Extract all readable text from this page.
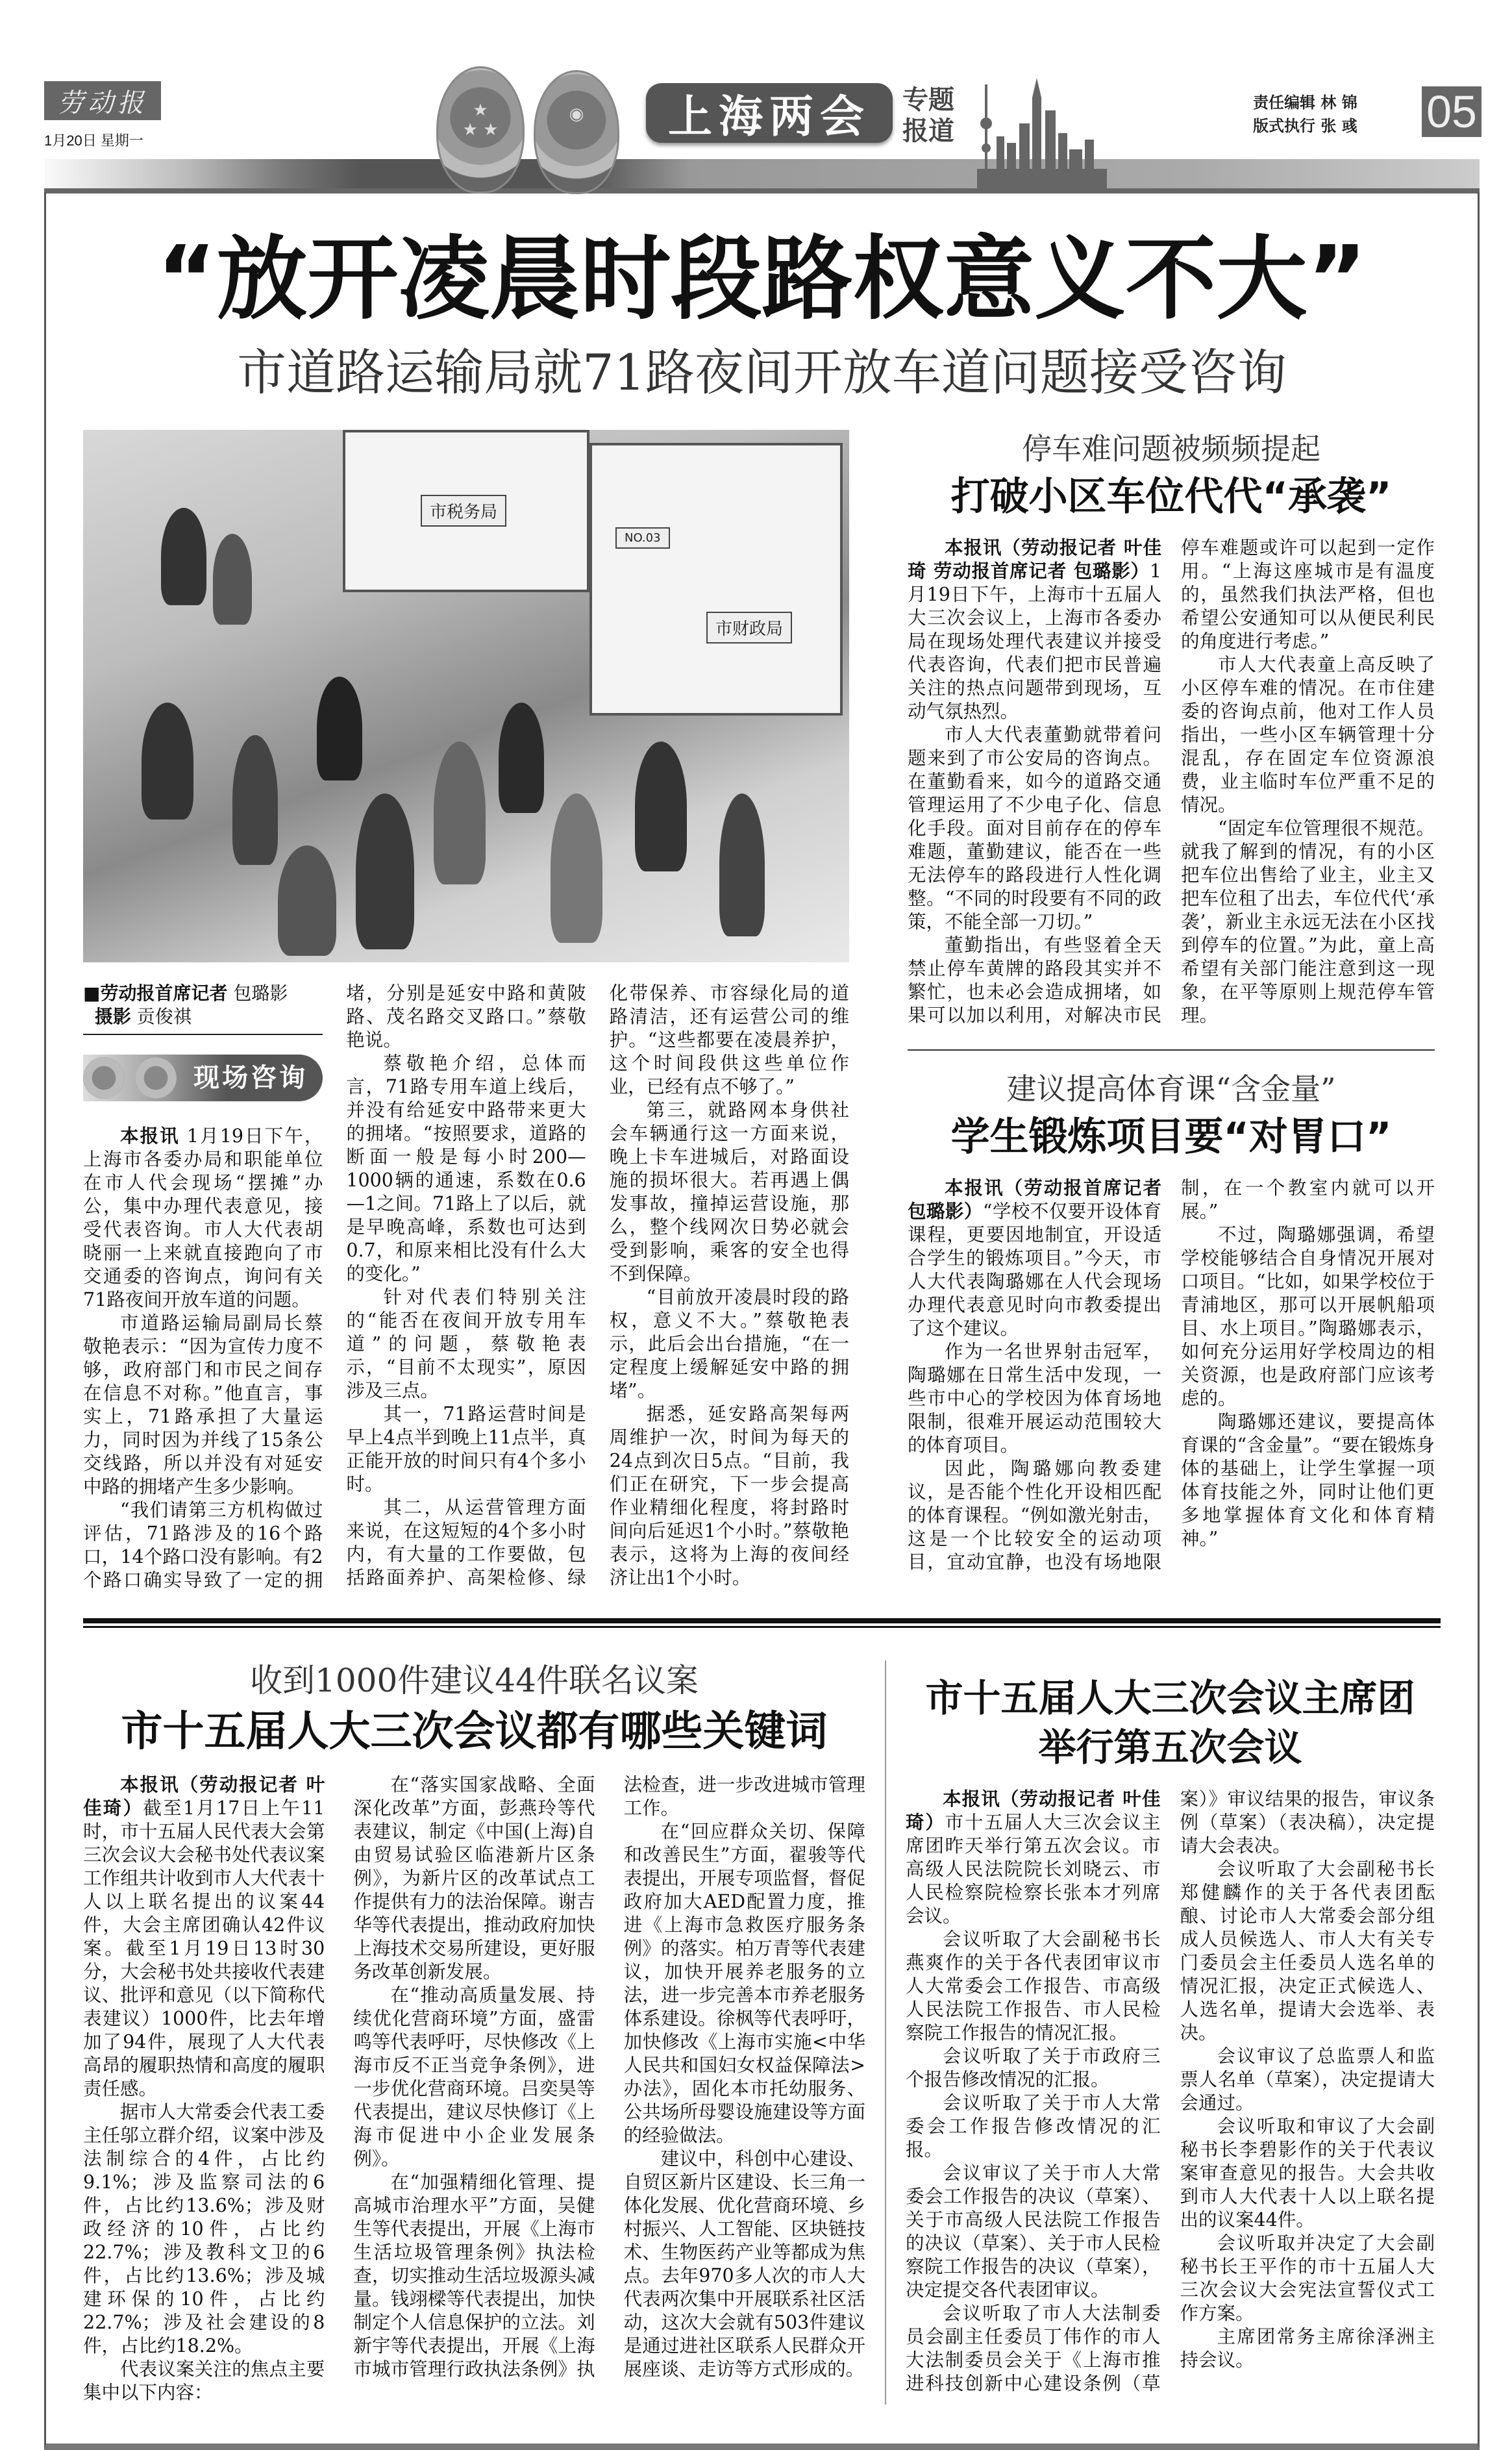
劳动报
1月20日 星期一
★
★ ★
◉	上海两会	专题报道
责任编辑 林 锦
版式执行 张 彧	05
“放开凌晨时段路权意义不大”
市道路运输局就71路夜间开放车道问题接受咨询
市税务局
市财政局
NO.03
■劳动报首席记者 包璐影
摄影 贡俊祺
现场咨询

本报讯 1月19日下午，上海市各委办局和职能单位在市人代会现场“摆摊”办公，集中办理代表意见，接受代表咨询。市人大代表胡晓丽一上来就直接跑向了市交通委的咨询点，询问有关71路夜间开放车道的问题。

市道路运输局副局长蔡敬艳表示：“因为宣传力度不够，政府部门和市民之间存在信息不对称。”他直言，事实上，71路承担了大量运力，同时因为并线了15条公交线路，所以并没有对延安中路的拥堵产生多少影响。

“我们请第三方机构做过评估，71路涉及的16个路口，14个路口没有影响。有2个路口确实导致了一定的拥堵，分别是延安中路和黄陂路、茂名路交叉路口。”蔡敬艳说。

蔡敬艳介绍，总体而言，71路专用车道上线后，并没有给延安中路带来更大的拥堵。“按照要求，道路的断面一般是每小时200—1000辆的通速，系数在0.6—1之间。71路上了以后，就是早晚高峰，系数也可达到0.7，和原来相比没有什么大的变化。”

针对代表们特别关注的“能否在夜间开放专用车道”的问题，蔡敬艳表示，“目前不太现实”，原因涉及三点。

其一，71路运营时间是早上4点半到晚上11点半，真正能开放的时间只有4个多小时。

其二，从运营管理方面来说，在这短短的4个多小时内，有大量的工作要做，包括路面养护、高架检修、绿化带保养、市容绿化局的道路清洁，还有运营公司的维护。“这些都要在凌晨养护，这个时间段供这些单位作业，已经有点不够了。”

第三，就路网本身供社会车辆通行这一方面来说，晚上卡车进城后，对路面设施的损坏很大。若再遇上偶发事故，撞掉运营设施，那么，整个线网次日势必就会受到影响，乘客的安全也得不到保障。

“目前放开凌晨时段的路权，意义不大。”蔡敬艳表示，此后会出台措施，“在一定程度上缓解延安中路的拥堵”。

据悉，延安路高架每两周维护一次，时间为每天的24点到次日5点。“目前，我们正在研究，下一步会提高作业精细化程度，将封路时间向后延迟1个小时。”蔡敬艳表示，这将为上海的夜间经济让出1个小时。

停车难问题被频频提起
打破小区车位代代“承袭”

本报讯（劳动报记者 叶佳琦 劳动报首席记者 包璐影）1月19日下午，上海市十五届人大三次会议上，上海市各委办局在现场处理代表建议并接受代表咨询，代表们把市民普遍关注的热点问题带到现场，互动气氛热烈。

市人大代表董勤就带着问题来到了市公安局的咨询点。在董勤看来，如今的道路交通管理运用了不少电子化、信息化手段。面对目前存在的停车难题，董勤建议，能否在一些无法停车的路段进行人性化调整。“不同的时段要有不同的政策，不能全部一刀切。”

董勤指出，有些竖着全天禁止停车黄牌的路段其实并不繁忙，也未必会造成拥堵，如果可以加以利用，对解决市民停车难题或许可以起到一定作用。“上海这座城市是有温度的，虽然我们执法严格，但也希望公安通知可以从便民利民的角度进行考虑。”

市人大代表童上高反映了小区停车难的情况。在市住建委的咨询点前，他对工作人员指出，一些小区车辆管理十分混乱，存在固定车位资源浪费，业主临时车位严重不足的情况。

“固定车位管理很不规范。就我了解到的情况，有的小区把车位出售给了业主，业主又把车位租了出去，车位代代‘承袭’，新业主永远无法在小区找到停车的位置。”为此，童上高希望有关部门能注意到这一现象，在平等原则上规范停车管理。

建议提高体育课“含金量”
学生锻炼项目要“对胃口”

本报讯（劳动报首席记者 包璐影）“学校不仅要开设体育课程，更要因地制宜，开设适合学生的锻炼项目。”今天，市人大代表陶璐娜在人代会现场办理代表意见时向市教委提出了这个建议。

作为一名世界射击冠军，陶璐娜在日常生活中发现，一些市中心的学校因为体育场地限制，很难开展运动范围较大的体育项目。

因此，陶璐娜向教委建议，是否能个性化开设相匹配的体育课程。“例如激光射击，这是一个比较安全的运动项目，宜动宜静，也没有场地限制，在一个教室内就可以开展。”

不过，陶璐娜强调，希望学校能够结合自身情况开展对口项目。“比如，如果学校位于青浦地区，那可以开展帆船项目、水上项目。”陶璐娜表示，如何充分运用好学校周边的相关资源，也是政府部门应该考虑的。

陶璐娜还建议，要提高体育课的“含金量”。“要在锻炼身体的基础上，让学生掌握一项体育技能之外，同时让他们更多地掌握体育文化和体育精神。”

收到1000件建议44件联名议案
市十五届人大三次会议都有哪些关键词

本报讯（劳动报记者 叶佳琦）截至1月17日上午11时，市十五届人民代表大会第三次会议大会秘书处代表议案工作组共计收到市人大代表十人以上联名提出的议案44件，大会主席团确认42件议案。截至1月19日13时30分，大会秘书处共接收代表建议、批评和意见（以下简称代表建议）1000件，比去年增加了94件，展现了人大代表高昂的履职热情和高度的履职责任感。

据市人大常委会代表工委主任邬立群介绍，议案中涉及法制综合的4件，占比约9.1%；涉及监察司法的6件，占比约13.6%；涉及财政经济的10件，占比约22.7%；涉及教科文卫的6件，占比约13.6%；涉及城建环保的10件，占比约22.7%；涉及社会建设的8件，占比约18.2%。

代表议案关注的焦点主要集中以下内容：

在“落实国家战略、全面深化改革”方面，彭燕玲等代表建议，制定《中国(上海)自由贸易试验区临港新片区条例》，为新片区的改革试点工作提供有力的法治保障。谢吉华等代表提出，推动政府加快上海技术交易所建设，更好服务改革创新发展。

在“推动高质量发展、持续优化营商环境”方面，盛雷鸣等代表呼吁，尽快修改《上海市反不正当竞争条例》，进一步优化营商环境。吕奕昊等代表提出，建议尽快修订《上海市促进中小企业发展条例》。

在“加强精细化管理、提高城市治理水平”方面，吴健生等代表提出，开展《上海市生活垃圾管理条例》执法检查，切实推动生活垃圾源头减量。钱翊樑等代表提出，加快制定个人信息保护的立法。刘新宇等代表提出，开展《上海市城市管理行政执法条例》执法检查，进一步改进城市管理工作。

在“回应群众关切、保障和改善民生”方面，翟骏等代表提出，开展专项监督，督促政府加大AED配置力度，推进《上海市急救医疗服务条例》的落实。柏万青等代表建议，加快开展养老服务的立法，进一步完善本市养老服务体系建设。徐枫等代表呼吁，加快修改《上海市实施<中华人民共和国妇女权益保障法>办法》，固化本市托幼服务、公共场所母婴设施建设等方面的经验做法。

建议中，科创中心建设、自贸区新片区建设、长三角一体化发展、优化营商环境、乡村振兴、人工智能、区块链技术、生物医药产业等都成为焦点。去年970多人次的市人大代表两次集中开展联系社区活动，这次大会就有503件建议是通过进社区联系人民群众开展座谈、走访等方式形成的。

市十五届人大三次会议主席团
举行第五次会议

本报讯（劳动报记者 叶佳琦）市十五届人大三次会议主席团昨天举行第五次会议。市高级人民法院院长刘晓云、市人民检察院检察长张本才列席会议。

会议听取了大会副秘书长燕爽作的关于各代表团审议市人大常委会工作报告、市高级人民法院工作报告、市人民检察院工作报告的情况汇报。

会议听取了关于市政府三个报告修改情况的汇报。

会议听取了关于市人大常委会工作报告修改情况的汇报。

会议审议了关于市人大常委会工作报告的决议（草案）、关于市高级人民法院工作报告的决议（草案）、关于市人民检察院工作报告的决议（草案），决定提交各代表团审议。

会议听取了市人大法制委员会副主任委员丁伟作的市人大法制委员会关于《上海市推进科技创新中心建设条例（草案）》审议结果的报告，审议条例（草案）（表决稿），决定提请大会表决。

会议听取了大会副秘书长郑健麟作的关于各代表团酝酿、讨论市人大常委会部分组成人员候选人、市人大有关专门委员会主任委员人选名单的情况汇报，决定正式候选人、人选名单，提请大会选举、表决。

会议审议了总监票人和监票人名单（草案），决定提请大会通过。

会议听取和审议了大会副秘书长李碧影作的关于代表议案审查意见的报告。大会共收到市人大代表十人以上联名提出的议案44件。

会议听取并决定了大会副秘书长王平作的市十五届人大三次会议大会宪法宣誓仪式工作方案。

主席团常务主席徐泽洲主持会议。
